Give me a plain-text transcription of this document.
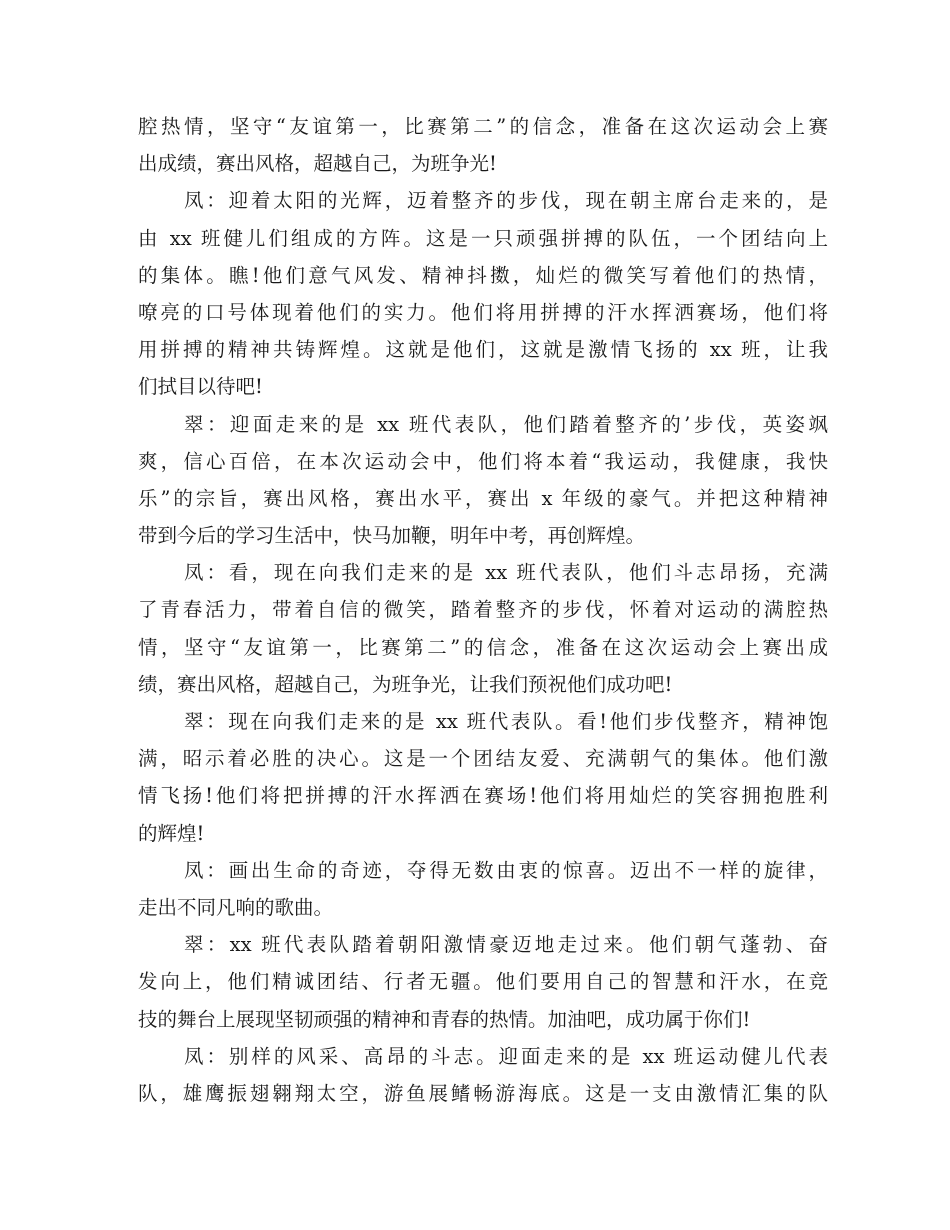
腔热情，坚守“友谊第一，比赛第二”的信念，准备在这次运动会上赛
出成绩，赛出风格，超越自己，为班争光!
凤：迎着太阳的光辉，迈着整齐的步伐，现在朝主席台走来的，是
由 xx 班健儿们组成的方阵。这是一只顽强拼搏的队伍，一个团结向上
的集体。瞧!他们意气风发、精神抖擞，灿烂的微笑写着他们的热情，
嘹亮的口号体现着他们的实力。他们将用拼搏的汗水挥洒赛场，他们将
用拼搏的精神共铸辉煌。这就是他们，这就是激情飞扬的 xx 班，让我
们拭目以待吧!
翠：迎面走来的是 xx 班代表队，他们踏着整齐的’步伐，英姿飒
爽，信心百倍，在本次运动会中，他们将本着“我运动，我健康，我快
乐”的宗旨，赛出风格，赛出水平，赛出 x 年级的豪气。并把这种精神
带到今后的学习生活中，快马加鞭，明年中考，再创辉煌。
凤：看，现在向我们走来的是 xx 班代表队，他们斗志昂扬，充满
了青春活力，带着自信的微笑，踏着整齐的步伐，怀着对运动的满腔热
情，坚守“友谊第一，比赛第二”的信念，准备在这次运动会上赛出成
绩，赛出风格，超越自己，为班争光，让我们预祝他们成功吧!
翠：现在向我们走来的是 xx 班代表队。看!他们步伐整齐，精神饱
满，昭示着必胜的决心。这是一个团结友爱、充满朝气的集体。他们激
情飞扬!他们将把拼搏的汗水挥洒在赛场!他们将用灿烂的笑容拥抱胜利
的辉煌!
凤：画出生命的奇迹，夺得无数由衷的惊喜。迈出不一样的旋律，
走出不同凡响的歌曲。
翠：xx 班代表队踏着朝阳激情豪迈地走过来。他们朝气蓬勃、奋
发向上，他们精诚团结、行者无疆。他们要用自己的智慧和汗水，在竞
技的舞台上展现坚韧顽强的精神和青春的热情。加油吧，成功属于你们!
凤：别样的风采、高昂的斗志。迎面走来的是 xx 班运动健儿代表
队，雄鹰振翅翱翔太空，游鱼展鳍畅游海底。这是一支由激情汇集的队
